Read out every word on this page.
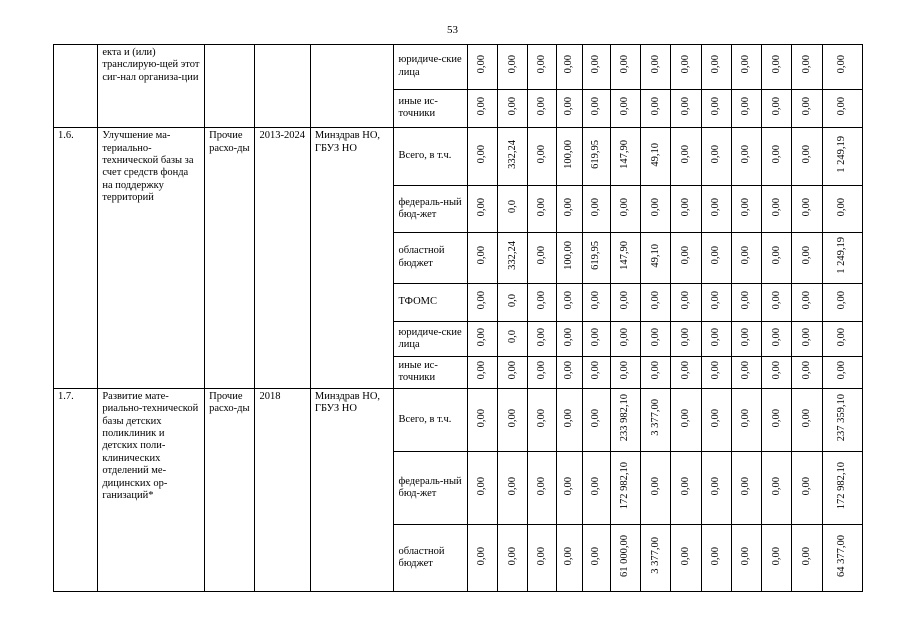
53
	екта и (или) транслирую-щей этот сиг-нал организа-ции				юридиче-ские лица	0,00	0,00	0,00	0,00	0,00	0,00	0,00	0,00	0,00	0,00	0,00	0,00	0,00
					иные ис-точники	0,00	0,00	0,00	0,00	0,00	0,00	0,00	0,00	0,00	0,00	0,00	0,00	0,00
1.6.	Улучшение ма-териально-технической базы за счет средств фонда на поддержку территорий	Прочие расхо-ды	2013-2024	Минздрав НО, ГБУЗ НО	Всего, в т.ч.	0,00	332,24	0,00	100,00	619,95	147,90	49,10	0,00	0,00	0,00	0,00	0,00	1 249,19
					федераль-ный бюд-жет	0,00	0,0	0,00	0,00	0,00	0,00	0,00	0,00	0,00	0,00	0,00	0,00	0,00
					областной бюджет	0,00	332,24	0,00	100,00	619,95	147,90	49,10	0,00	0,00	0,00	0,00	0,00	1 249,19
					ТФОМС	0,00	0,0	0,00	0,00	0,00	0,00	0,00	0,00	0,00	0,00	0,00	0,00	0,00
					юридиче-ские лица	0,00	0,0	0,00	0,00	0,00	0,00	0,00	0,00	0,00	0,00	0,00	0,00	0,00
					иные ис-точники	0,00	0,00	0,00	0,00	0,00	0,00	0,00	0,00	0,00	0,00	0,00	0,00	0,00
1.7.	Развитие мате-риально-технической базы детских поликлиник и детских поли-клинических отделений ме-дицинских ор-ганизаций*	Прочие расхо-ды	2018	Минздрав НО, ГБУЗ НО	Всего, в т.ч.	0,00	0,00	0,00	0,00	0,00	233 982,10	3 377,00	0,00	0,00	0,00	0,00	0,00	237 359,10
					федераль-ный бюд-жет	0,00	0,00	0,00	0,00	0,00	172 982,10	0,00	0,00	0,00	0,00	0,00	0,00	172 982,10
					областной бюджет	0,00	0,00	0,00	0,00	0,00	61 000,00	3 377,00	0,00	0,00	0,00	0,00	0,00	64 377,00
